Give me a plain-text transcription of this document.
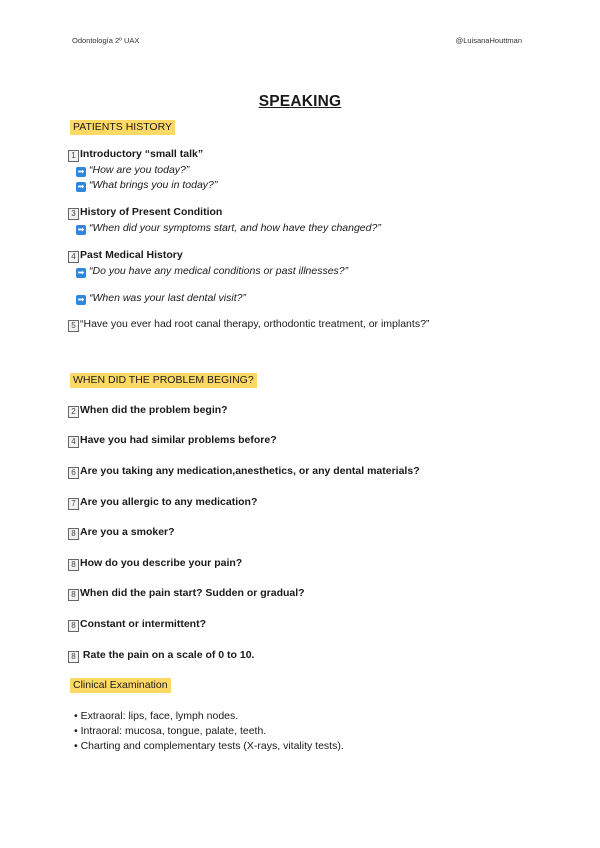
Odontología 2º UAX	@LuisanaHouttman
SPEAKING
PATIENTS HISTORY
1 Introductory “small talk”
➡ “How are you today?”
➡ “What brings you in today?”
3 History of Present Condition
➡ “When did your symptoms start, and how have they changed?”
4 Past Medical History
➡ “Do you have any medical conditions or past illnesses?”
➡ “When was your last dental visit?”
5 “Have you ever had root canal therapy, orthodontic treatment, or implants?”
WHEN DID THE PROBLEM BEGING?
2 When did the problem begin?
4 Have you had similar problems before?
6 Are you taking any medication,anesthetics, or any dental materials?
7 Are you allergic to any medication?
8 Are you a smoker?
8 How do you describe your pain?
8 When did the pain start? Sudden or gradual?
8 Constant or intermittent?
8 Rate the pain on a scale of 0 to 10.
Clinical Examination
• Extraoral: lips, face, lymph nodes.
• Intraoral: mucosa, tongue, palate, teeth.
• Charting and complementary tests (X-rays, vitality tests).
